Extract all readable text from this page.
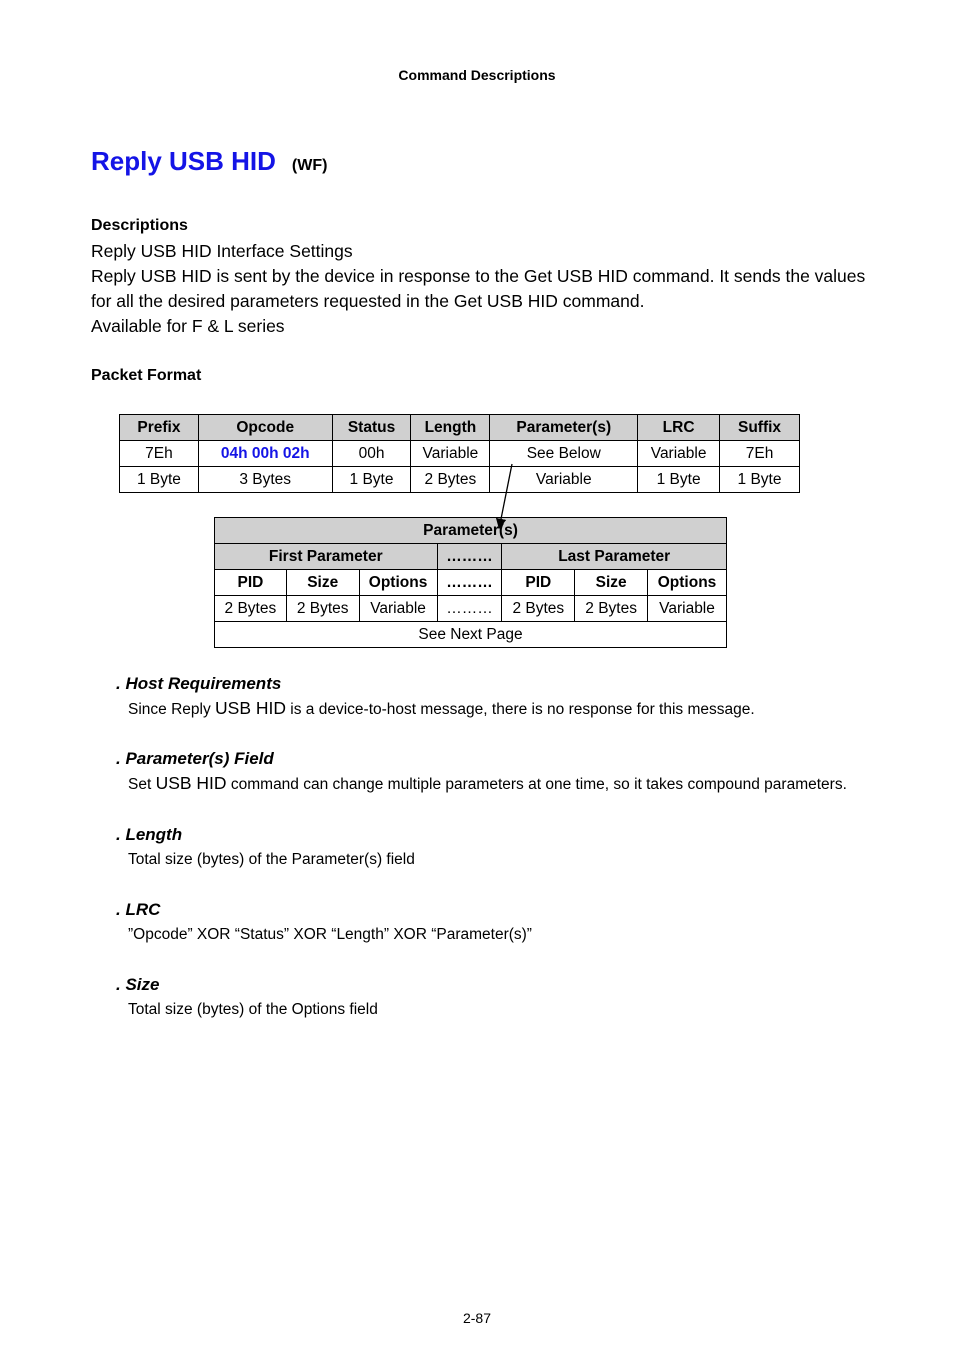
Command Descriptions
Reply USB HID (WF)
Descriptions
Reply USB HID Interface Settings
Reply USB HID is sent by the device in response to the Get USB HID command. It sends the values
for all the desired parameters requested in the Get USB HID command.
Available for F & L series
Packet Format
Prefix	Opcode	Status	Length	Parameter(s)	LRC	Suffix
7Eh	04h 00h 02h	00h	Variable	See Below	Variable	7Eh
1 Byte	3 Bytes	1 Byte	2 Bytes	Variable	1 Byte	1 Byte
Parameter(s)						
First Parameter			………	Last Parameter		
PID	Size	Options	………	PID	Size	Options
2 Bytes	2 Bytes	Variable	………	2 Bytes	2 Bytes	Variable
See Next Page						
. Host Requirements
Since Reply USB HID is a device-to-host message, there is no response for this message.
. Parameter(s) Field
Set USB HID command can change multiple parameters at one time, so it takes compound parameters.
. Length
Total size (bytes) of the Parameter(s) field
. LRC
”Opcode” XOR “Status” XOR “Length” XOR “Parameter(s)”
. Size
Total size (bytes) of the Options field
2-87
